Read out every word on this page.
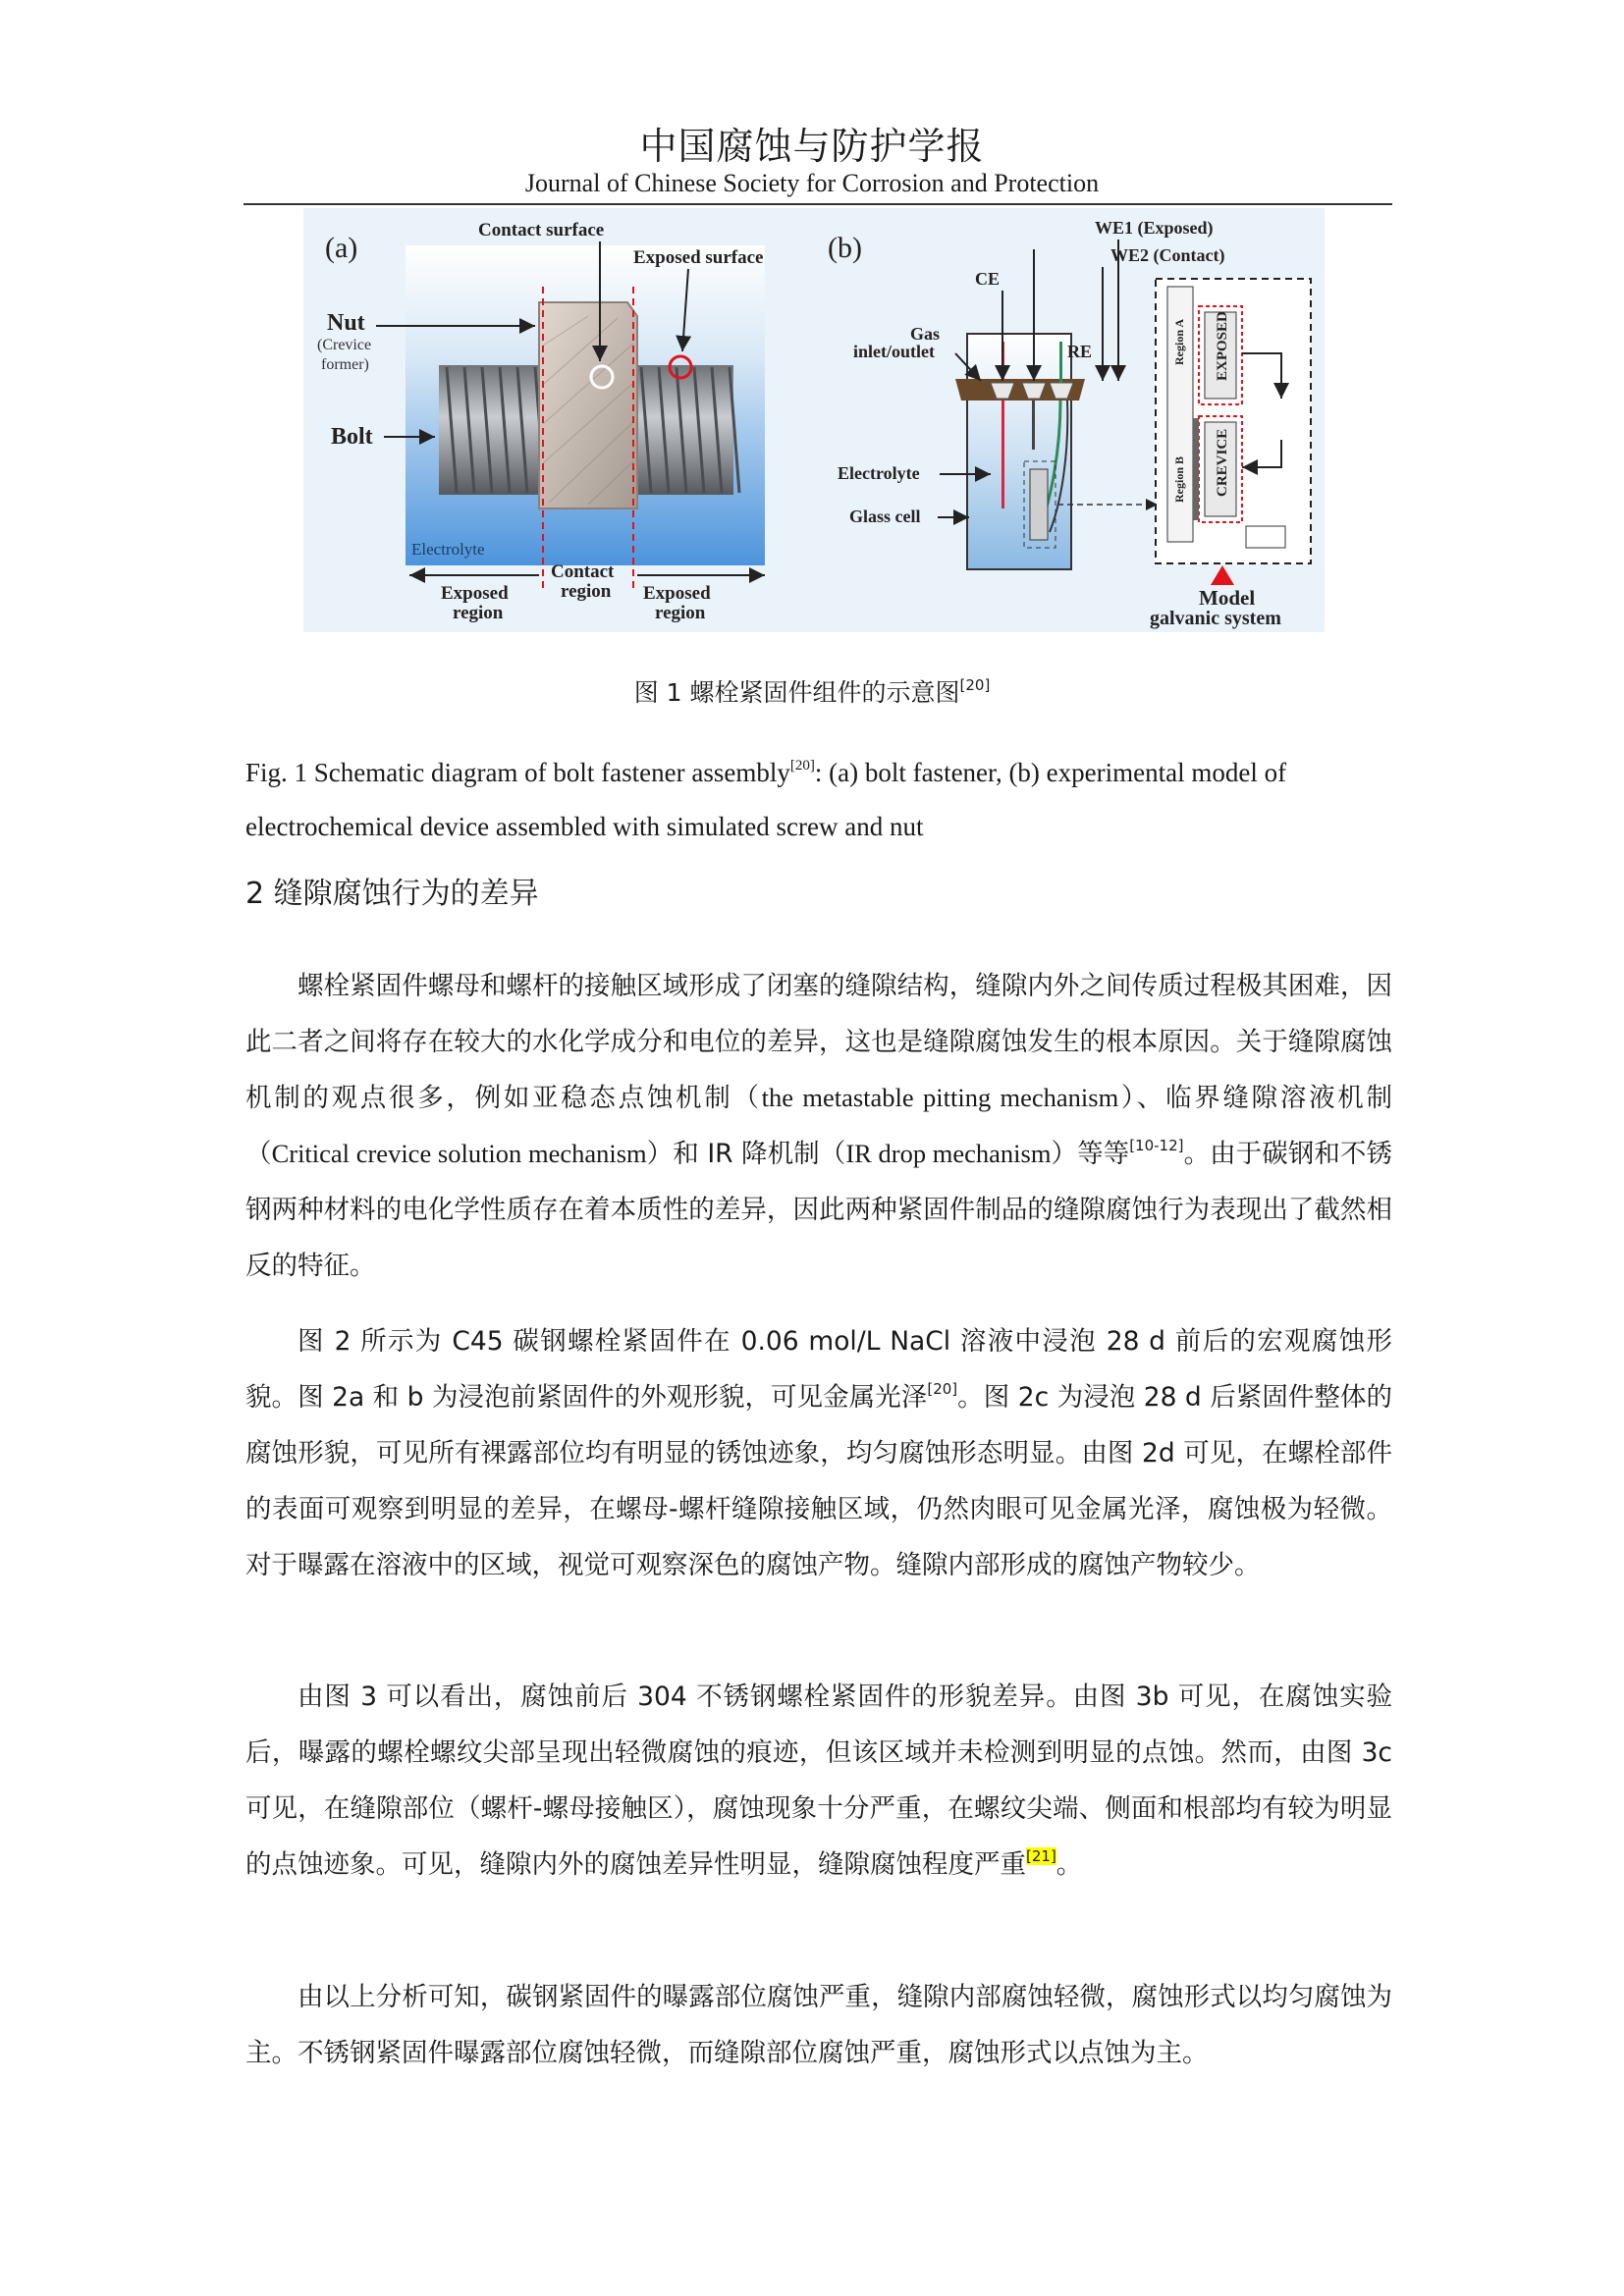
中国腐蚀与防护学报
Journal of Chinese Society for Corrosion and Protection
(a)
Electrolyte
Contact surface
Exposed surface
Nut
(Crevice
former)
Bolt
Exposed
region
Contact
region Exposed
region
(b)
RE
CE
WE1 (Exposed)
WE2 (Contact)
Gas
inlet/outlet
Electrolyte
Glass cell
Region A
Region B
EXPOSED
CREVICE
Model
galvanic system
图 1 螺栓紧固件组件的示意图[20]
Fig. 1 Schematic diagram of bolt fastener assembly[20]: (a) bolt fastener, (b) experimental model of electrochemical device assembled with simulated screw and nut
2 缝隙腐蚀行为的差异

螺栓紧固件螺母和螺杆的接触区域形成了闭塞的缝隙结构，缝隙内外之间传质过程极其困难，因此二者之间将存在较大的水化学成分和电位的差异，这也是缝隙腐蚀发生的根本原因。关于缝隙腐蚀机制的观点很多，例如亚稳态点蚀机制（the metastable pitting mechanism）、临界缝隙溶液机制（Critical crevice solution mechanism）和 IR 降机制（IR drop mechanism）等等[10-12]。由于碳钢和不锈钢两种材料的电化学性质存在着本质性的差异，因此两种紧固件制品的缝隙腐蚀行为表现出了截然相反的特征。

图 2 所示为 C45 碳钢螺栓紧固件在 0.06 mol/L NaCl 溶液中浸泡 28 d 前后的宏观腐蚀形貌。图 2a 和 b 为浸泡前紧固件的外观形貌，可见金属光泽[20]。图 2c 为浸泡 28 d 后紧固件整体的腐蚀形貌，可见所有裸露部位均有明显的锈蚀迹象，均匀腐蚀形态明显。由图 2d 可见，在螺栓部件的表面可观察到明显的差异，在螺母-螺杆缝隙接触区域，仍然肉眼可见金属光泽，腐蚀极为轻微。对于曝露在溶液中的区域，视觉可观察深色的腐蚀产物。缝隙内部形成的腐蚀产物较少。

由图 3 可以看出，腐蚀前后 304 不锈钢螺栓紧固件的形貌差异。由图 3b 可见，在腐蚀实验后，曝露的螺栓螺纹尖部呈现出轻微腐蚀的痕迹，但该区域并未检测到明显的点蚀。然而，由图 3c 可见，在缝隙部位（螺杆-螺母接触区），腐蚀现象十分严重，在螺纹尖端、侧面和根部均有较为明显的点蚀迹象。可见，缝隙内外的腐蚀差异性明显，缝隙腐蚀程度严重[21]。

由以上分析可知，碳钢紧固件的曝露部位腐蚀严重，缝隙内部腐蚀轻微，腐蚀形式以均匀腐蚀为主。不锈钢紧固件曝露部位腐蚀轻微，而缝隙部位腐蚀严重，腐蚀形式以点蚀为主。
